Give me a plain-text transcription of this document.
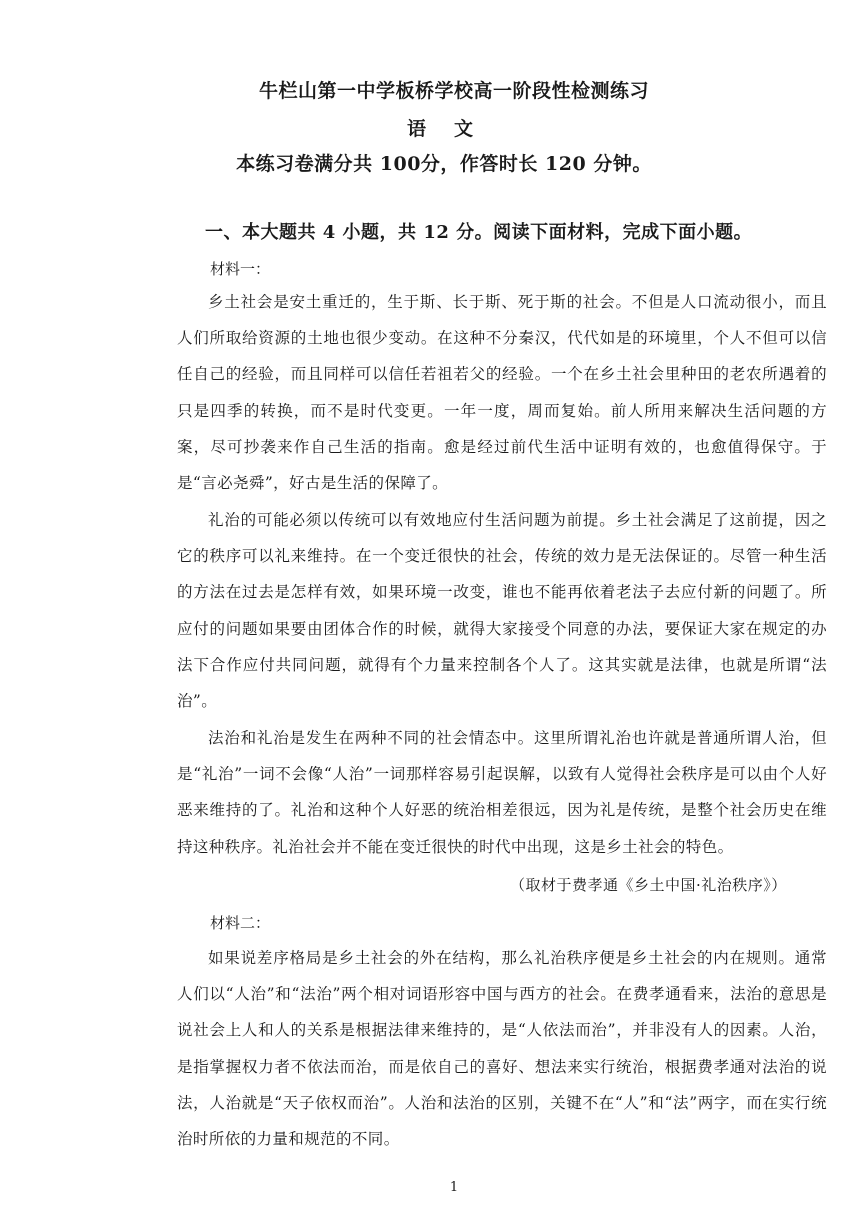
牛栏山第一中学板桥学校高一阶段性检测练习
语文
本练习卷满分共 100分，作答时长 120 分钟。
一、本大题共 4 小题，共 12 分。阅读下面材料，完成下面小题。
材料一：
乡土社会是安土重迁的，生于斯、长于斯、死于斯的社会。不但是人口流动很小，而且人们所取给资源的土地也很少变动。在这种不分秦汉，代代如是的环境里，个人不但可以信任自己的经验，而且同样可以信任若祖若父的经验。一个在乡土社会里种田的老农所遇着的只是四季的转换，而不是时代变更。一年一度，周而复始。前人所用来解决生活问题的方案，尽可抄袭来作自己生活的指南。愈是经过前代生活中证明有效的，也愈值得保守。于是“言必尧舜”，好古是生活的保障了。
礼治的可能必须以传统可以有效地应付生活问题为前提。乡土社会满足了这前提，因之它的秩序可以礼来维持。在一个变迁很快的社会，传统的效力是无法保证的。尽管一种生活的方法在过去是怎样有效，如果环境一改变，谁也不能再依着老法子去应付新的问题了。所应付的问题如果要由团体合作的时候，就得大家接受个同意的办法，要保证大家在规定的办法下合作应付共同问题，就得有个力量来控制各个人了。这其实就是法律，也就是所谓“法治”。
法治和礼治是发生在两种不同的社会情态中。这里所谓礼治也许就是普通所谓人治，但是“礼治”一词不会像“人治”一词那样容易引起误解，以致有人觉得社会秩序是可以由个人好恶来维持的了。礼治和这种个人好恶的统治相差很远，因为礼是传统，是整个社会历史在维持这种秩序。礼治社会并不能在变迁很快的时代中出现，这是乡土社会的特色。
（取材于费孝通《乡土中国·礼治秩序》）
材料二：
如果说差序格局是乡土社会的外在结构，那么礼治秩序便是乡土社会的内在规则。通常人们以“人治”和“法治”两个相对词语形容中国与西方的社会。在费孝通看来，法治的意思是说社会上人和人的关系是根据法律来维持的，是“人依法而治”，并非没有人的因素。人治，是指掌握权力者不依法而治，而是依自己的喜好、想法来实行统治，根据费孝通对法治的说法，人治就是“天子依权而治”。人治和法治的区别，关键不在“人”和“法”两字，而在实行统治时所依的力量和规范的不同。
1
